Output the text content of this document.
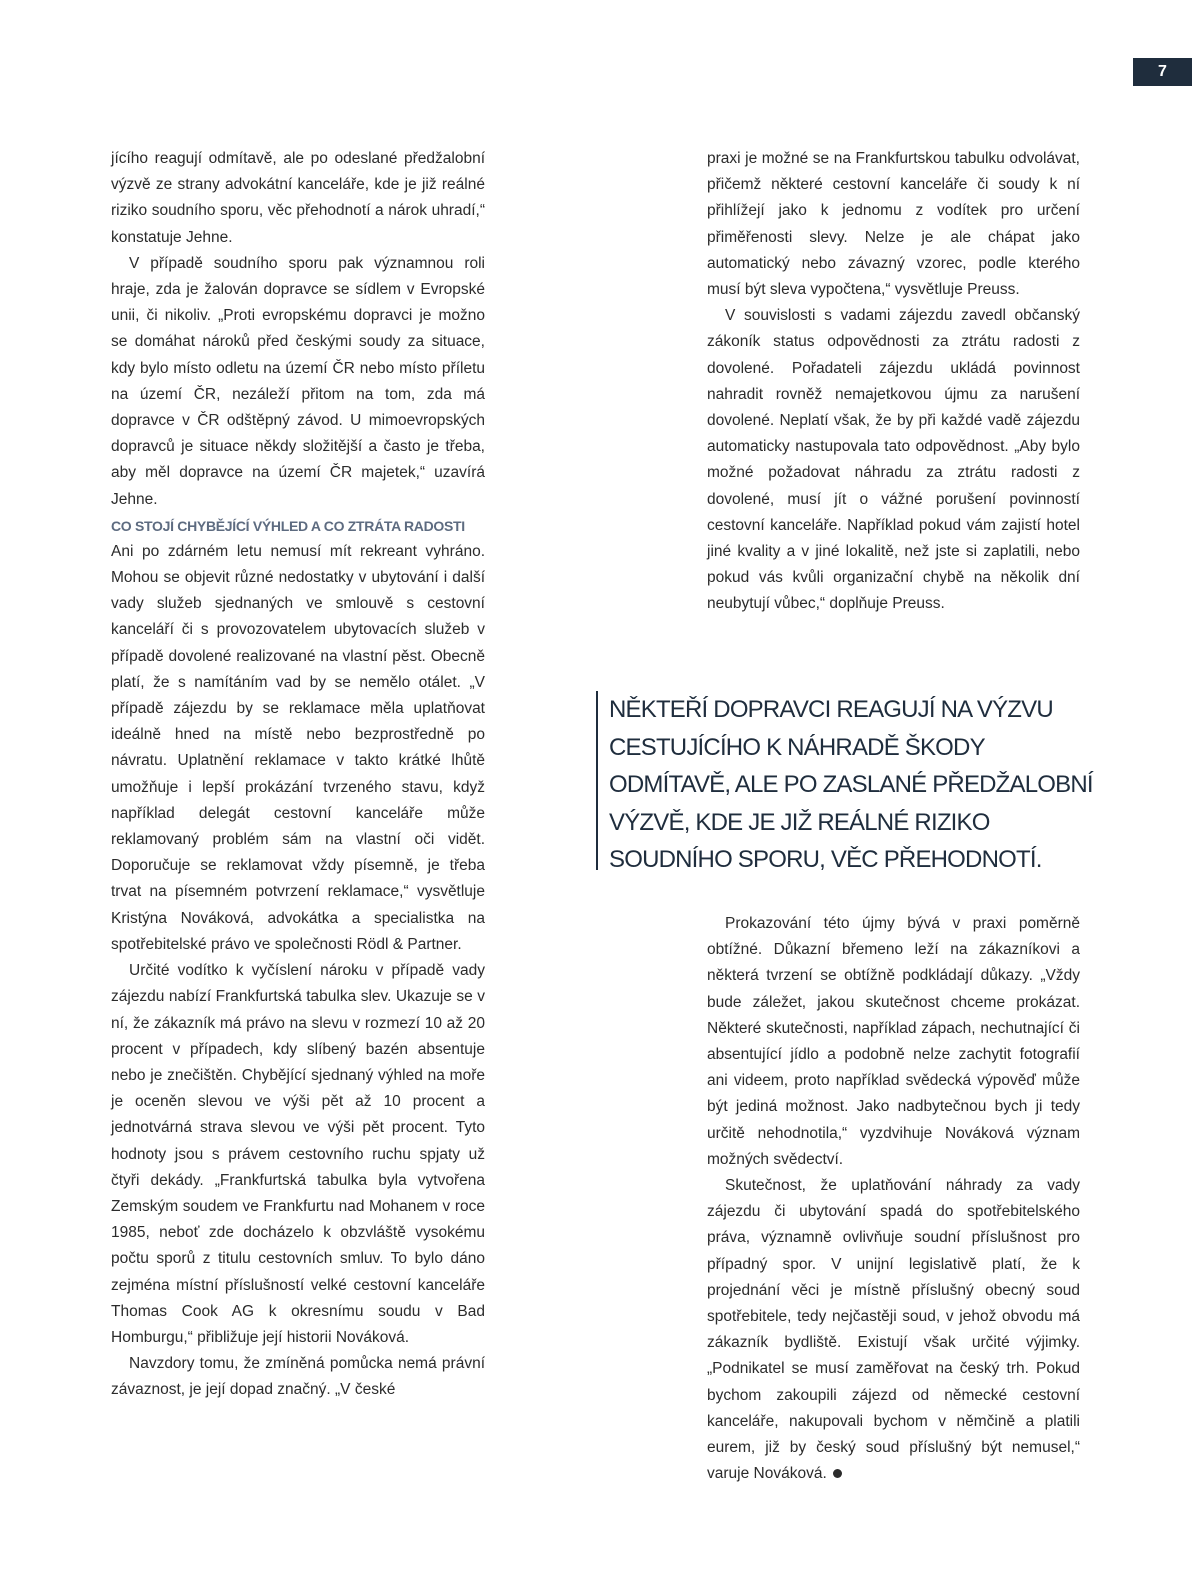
7

jícího reagují odmítavě, ale po odeslané předžalobní výzvě ze strany advokátní kanceláře, kde je již reálné riziko soudního sporu, věc přehodnotí a nárok uhradí,“ konstatuje Jehne.

V případě soudního sporu pak významnou roli hraje, zda je žalován dopravce se sídlem v Evropské unii, či nikoliv. „Proti evropskému dopravci je možno se domáhat nároků před českými soudy za situace, kdy bylo místo odletu na území ČR nebo místo příletu na území ČR, nezáleží přitom na tom, zda má dopravce v ČR odštěpný závod. U mimoevropských dopravců je situace někdy složitější a často je třeba, aby měl dopravce na území ČR majetek,“ uzavírá Jehne.

CO STOJÍ CHYBĚJÍCÍ VÝHLED A CO ZTRÁTA RADOSTI

Ani po zdárném letu nemusí mít rekreant vyhráno. Mohou se objevit různé nedostatky v ubytování i další vady služeb sjednaných ve smlouvě s cestovní kanceláří či s provozovatelem ubytovacích služeb v případě dovolené realizované na vlastní pěst. Obecně platí, že s namítáním vad by se nemělo otálet. „V případě zájezdu by se reklamace měla uplatňovat ideálně hned na místě nebo bezprostředně po návratu. Uplatnění reklamace v takto krátké lhůtě umožňuje i lepší prokázání tvrzeného stavu, když například delegát cestovní kanceláře může reklamovaný problém sám na vlastní oči vidět. Doporučuje se reklamovat vždy písemně, je třeba trvat na písemném potvrzení reklamace,“ vysvětluje Kristýna Nováková, advokátka a specialistka na spotřebitelské právo ve společnosti Rödl & Partner.

Určité vodítko k vyčíslení nároku v případě vady zájezdu nabízí Frankfurtská tabulka slev. Ukazuje se v ní, že zákazník má právo na slevu v rozmezí 10 až 20 procent v případech, kdy slíbený bazén absentuje nebo je znečištěn. Chybějící sjednaný výhled na moře je oceněn slevou ve výši pět až 10 procent a jednotvárná strava slevou ve výši pět procent. Tyto hodnoty jsou s právem cestovního ruchu spjaty už čtyři dekády. „Frankfurtská tabulka byla vytvořena Zemským soudem ve Frankfurtu nad Mohanem v roce 1985, neboť zde docházelo k obzvláště vysokému počtu sporů z titulu cestovních smluv. To bylo dáno zejména místní příslušností velké cestovní kanceláře Thomas Cook AG k okresnímu soudu v Bad Homburgu,“ přibližuje její historii Nováková.

Navzdory tomu, že zmíněná pomůcka nemá právní závaznost, je její dopad značný. „V české

praxi je možné se na Frankfurtskou tabulku odvolávat, přičemž některé cestovní kanceláře či soudy k ní přihlížejí jako k jednomu z vodítek pro určení přiměřenosti slevy. Nelze je ale chápat jako automatický nebo závazný vzorec, podle kterého musí být sleva vypočtena,“ vysvětluje Preuss.

V souvislosti s vadami zájezdu zavedl občanský zákoník status odpovědnosti za ztrátu radosti z dovolené. Pořadateli zájezdu ukládá povinnost nahradit rovněž nemajetkovou újmu za narušení dovolené. Neplatí však, že by při každé vadě zájezdu automaticky nastupovala tato odpovědnost. „Aby bylo možné požadovat náhradu za ztrátu radosti z dovolené, musí jít o vážné porušení povinností cestovní kanceláře. Například pokud vám zajistí hotel jiné kvality a v jiné lokalitě, než jste si zaplatili, nebo pokud vás kvůli organizační chybě na několik dní neubytují vůbec,“ doplňuje Preuss.

NĚKTEŘÍ DOPRAVCI REAGUJÍ NA VÝZVU
CESTUJÍCÍHO K NÁHRADĚ ŠKODY
ODMÍTAVĚ, ALE PO ZASLANÉ PŘEDŽALOBNÍ
VÝZVĚ, KDE JE JIŽ REÁLNÉ RIZIKO
SOUDNÍHO SPORU, VĚC PŘEHODNOTÍ.

Prokazování této újmy bývá v praxi poměrně obtížné. Důkazní břemeno leží na zákazníkovi a některá tvrzení se obtížně podkládají důkazy. „Vždy bude záležet, jakou skutečnost chceme prokázat. Některé skutečnosti, například zápach, nechutnající či absentující jídlo a podobně nelze zachytit fotografií ani videem, proto například svědecká výpověď může být jediná možnost. Jako nadbytečnou bych ji tedy určitě nehodnotila,“ vyzdvihuje Nováková význam možných svědectví.

Skutečnost, že uplatňování náhrady za vady zájezdu či ubytování spadá do spotřebitelského práva, významně ovlivňuje soudní příslušnost pro případný spor. V unijní legislativě platí, že k projednání věci je místně příslušný obecný soud spotřebitele, tedy nejčastěji soud, v jehož obvodu má zákazník bydliště. Existují však určité výjimky. „Podnikatel se musí zaměřovat na český trh. Pokud bychom zakoupili zájezd od německé cestovní kanceláře, nakupovali bychom v němčině a platili eurem, již by český soud příslušný být nemusel,“ varuje Nováková.
